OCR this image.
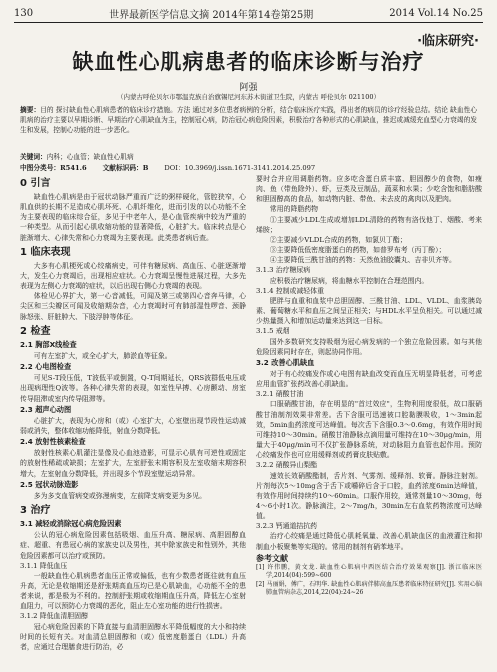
130	世界最新医学信息文摘 2014年第14卷第25期	2014 Vol.14 No.25
·临床研究·
缺血性心肌病患者的临床诊断与治疗
阿强
（内蒙古呼伦贝尔市鄂温克族自治旗锡尼河东苏木街道卫生院，内蒙古 呼伦贝尔 021100）
摘要：目的 探讨缺血性心肌病患者的临床诊疗措施。方法 通过对多位患者病例的分析，结合临床医疗实践，得出者的病员的诊疗经验总结。结论 缺血性心肌病的治疗主要以早期诊断、早期治疗心肌缺血为主，控制冠心病，防治冠心病危险因素，积极治疗各种形式的心肌缺血，推迟或减缓充血型心力衰竭的发生和发展，控制心功能的进一步恶化。
关键词：内科；心血管；缺血性心肌病
中图分类号：R541.6 文献标识码：B DOI：10.3969/j.issn.1671-3141.2014.25.097
0 引言

缺血性心肌病是由于冠状动脉严重而广泛的粥样硬化，管腔狭窄，心肌血供的长期不足造成心肌坏死、心肌纤维化，进而引发的以心功能不全为主要表现的临床综合征，多见于中老年人，是心血管疾病中较为严重的一种类型。从而引起心肌收缩功能的显著降低，心脏扩大。临床转点是心脏渐增大、心律失常和心力衰竭为主要表现。此类患者病后查。

1 临床表现

大多有心肌梗死或心绞痛病史，可伴有糖尿病、高血压、心脏逐渐增大，发生心力衰竭后，出现相应症状。心力衰竭呈慢性进展过程，大多先表现为左侧心力衰竭的症状，以后出现右侧心力衰竭的表现。

体检见心界扩大，第一心音减低，可闻及第三或第四心音奔马律，心尖区和三尖瓣区可闻及收缩期杂音，心力衰竭时可有肺部湿性啰音、颈静脉怒张、肝脏肿大、下肢浮肿等体征。

2 检查
2.1 胸部X线检查

可有左室扩大，或全心扩大，肺淤血等征象。

2.2 心电图检查

可见S-T段压低，T波低平或倒置，Q-T间期延长，QRS波群低电压或出现病理性Q波等。各种心律失常的表现，如室性早搏、心房颤动、房室传导阻滞或室内传导阻滞等。

2.3 超声心动图

心脏扩大，表现为心房和（或）心室扩大，心室壁出现节段性运动减弱或消失，整体收缩功能降低，射血分数降低。

2.4 放射性核素检查

放射性核素心肌灌注显像及心血池造影，可显示心肌有可逆性或固定的放射性稀疏或缺损；左室扩大，左室舒张末期容积及左室收缩末期容积增大，左室射血分数降低，并出现多个节段室壁运动异常。

2.5 冠状动脉造影

多为多支血管病变或弥漫病变，左前降支病变更为多见。

3 治疗
3.1 减轻或消除冠心病危险因素

公认的冠心病危险因素包括吸烟、血压升高、糖尿病、高胆固醇血症、超重、有患冠心病的家族史以及男性，其中除家族史和性别外，其他危险因素都可以治疗或预防。

3.1.1 降低血压

一般缺血性心肌病患者血压正常或偏低，也有少数患者既往就有血压升高，无论是收缩期还是舒张期高血压均已是心肌缺血，心功能不全的患者来说，都是极为不利的。控制舒张期或收缩期血压升高，降低左心室射血阻力，可以预防心力衰竭的恶化，阻止左心室功能的进行性损害。

3.1.2 降低血清胆固醇

冠心病危险因素的下降直接与血清胆固醇水平降低幅度的大小和持续时间的长短有关。对血清总胆固醇和（或）低密度脂蛋白（LDL）升高者，应通过合理膳食进行防治，必

要时合并应用调脂药物。应多吃含蛋白质丰富、胆固醇少的食物，如瘦肉、鱼（带鱼除外）、虾，豆类及豆制品，蔬菜和水果；少吃含饱和脂肪酸和胆固醇高的食品，如动物内脏、带鱼、未去皮的禽肉以及肥肉。

常用的降脂药物

①主要减少LDL生成或增加LDL清除的药物有洛伐他丁、烟酸、考来烯胺；

②主要减少VLDL合成的药物，如氯贝丁酯；

③主要降低低密度脂蛋白的药物，如普罗布考（丙丁酚）；

④主要降低三酰甘油的药物：天然鱼油胶囊丸、吉非贝齐等。

3.1.3 治疗糖尿病

应积极治疗糖尿病，将血糖水平控制在合理范围内。

3.1.4 控制或减轻体重

肥胖与血重和血浆中总胆固醇、三酰甘油、LDL、VLDL、血浆胰岛素、葡萄糖水平和血压之间呈正相关；与HDL水平呈负相关。可以通过减少热量摄入和增加运动量来达到这一目标。

3.1.5 戒烟

国外多数研究支持吸烟为冠心病发病的一个独立危险因素。如与其他危险因素同时存在，则起协同作用。

3.2 改善心肌缺血

对于有心绞痛发作或心电图有缺血改变而血压无明显降低者，可考虑应用血管扩张药改善心肌缺血。

3.2.1 硝酸甘油

口服硝酸甘油，存在明显的"首过效应"，生物利用度很低，故口服硝酸甘油制剂效果非常差。舌下含服可迅速被口腔黏膜吸收，1～3min起效，5min血药浓度可达峰值。每次舌下含服0.3～0.6mg，有效作用时间可维持10～30min。硝酸甘油静脉点滴用量可维持在10～30μg/min，用量大于40μg/min可不仅扩张静脉系统，对动脉阻力血管也起作用。预防心绞痛发作也可应用缓释剂或药膏皮肤贴敷。

3.2.2 硝酸异山梨酯

速效长效硝酸酯制，舌片剂、气雾剂、缓释剂、软膏。静脉注射剂。片剂每次5～10mg含于舌下或嚼碎后含于口腔，血药浓度6min达峰值，有效作用时间持续约10～60min。口服作用较，通常剂量10～30mg，每4～6小时1次。静脉滴注，2～7mg/h，30min左右血浆药物浓度可达峰值。

3.2.3 钙通道拮抗药

治疗心绞痛是通过降低心肌耗氧量、改善心肌缺血区的血液灌注和抑制血小板聚集等实现的。常用的制剂有硝苯地平。

参考文献
[1] 许伟鹏，黄文龙. 缺血性心肌病中西医结合治疗效果观察[J]. 浙江临床医学,2014(04):599~600
[2] 马丽娟，傅广，石明华. 缺血性心肌病伴肺高血压患者临床特征研究[J]. 实用心脑肺血管病杂志,2014,22(04):24~26
